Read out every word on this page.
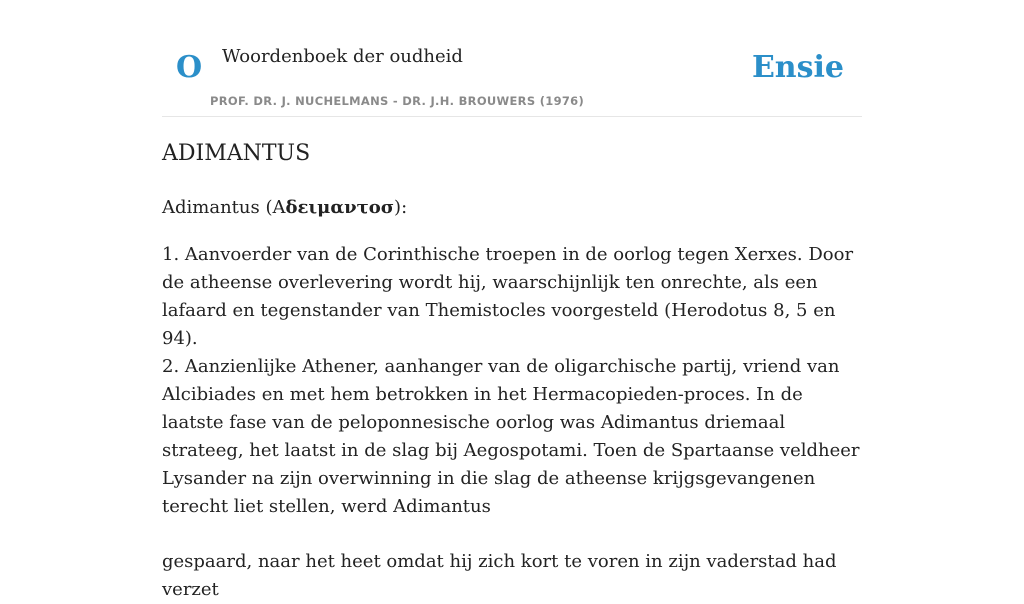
O Woordenboek der oudheid
PROF. DR. J. NUCHELMANS - DR. J.H. BROUWERS (1976)
Ensie
ADIMANTUS

Adimantus (Aδειμαντοσ):

1. Aanvoerder van de Corinthische troepen in de oorlog tegen Xerxes. Door de atheense overlevering wordt hij, waarschijnlijk ten onrechte, als een lafaard en tegenstander van Themistocles voorgesteld (Herodotus 8, 5 en 94).

2. Aanzienlijke Athener, aanhanger van de oligarchische partij, vriend van Alcibiades en met hem betrokken in het Hermacopieden-proces. In de laatste fase van de peloponnesische oorlog was Adimantus driemaal strateeg, het laatst in de slag bij Aegospotami. Toen de Spartaanse veldheer Lysander na zijn overwinning in die slag de atheense krijgsgevangenen terecht liet stellen, werd Adimantus

gespaard, naar het heet omdat hij zich kort te voren in zijn vaderstad had verzet
